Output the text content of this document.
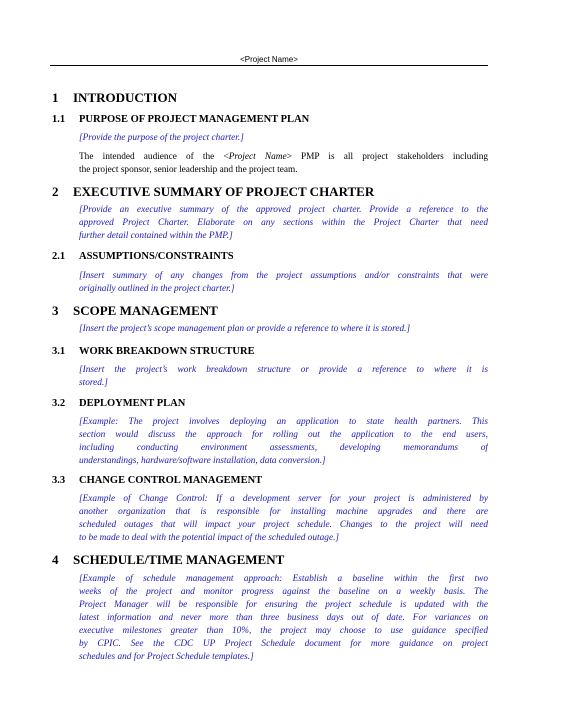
<Project Name>
1 INTRODUCTION
1.1 PURPOSE OF PROJECT MANAGEMENT PLAN
[Provide the purpose of the project charter.]
The intended audience of the <Project Name> PMP is all project stakeholders including
the project sponsor, senior leadership and the project team.
2 EXECUTIVE SUMMARY OF PROJECT CHARTER
[Provide an executive summary of the approved project charter. Provide a reference to the
approved Project Charter. Elaborate on any sections within the Project Charter that need
further detail contained within the PMP.]
2.1 ASSUMPTIONS/CONSTRAINTS
[Insert summary of any changes from the project assumptions and/or constraints that were
originally outlined in the project charter.]
3 SCOPE MANAGEMENT
[Insert the project’s scope management plan or provide a reference to where it is stored.]
3.1 WORK BREAKDOWN STRUCTURE
[Insert the project’s work breakdown structure or provide a reference to where it is
stored.]
3.2 DEPLOYMENT PLAN
[Example: The project involves deploying an application to state health partners. This
section would discuss the approach for rolling out the application to the end users,
including conducting environment assessments, developing memorandums of
understandings, hardware/software installation, data conversion.]
3.3 CHANGE CONTROL MANAGEMENT
[Example of Change Control: If a development server for your project is administered by
another organization that is responsible for installing machine upgrades and there are
scheduled outages that will impact your project schedule. Changes to the project will need
to be made to deal with the potential impact of the scheduled outage.]
4 SCHEDULE/TIME MANAGEMENT
[Example of schedule management approach: Establish a baseline within the first two
weeks of the project and monitor progress against the baseline on a weekly basis. The
Project Manager will be responsible for ensuring the project schedule is updated with the
latest information and never more than three business days out of date. For variances on
executive milestones greater than 10%, the project may choose to use guidance specified
by CPIC. See the CDC UP Project Schedule document for more guidance on project
schedules and for Project Schedule templates.]
